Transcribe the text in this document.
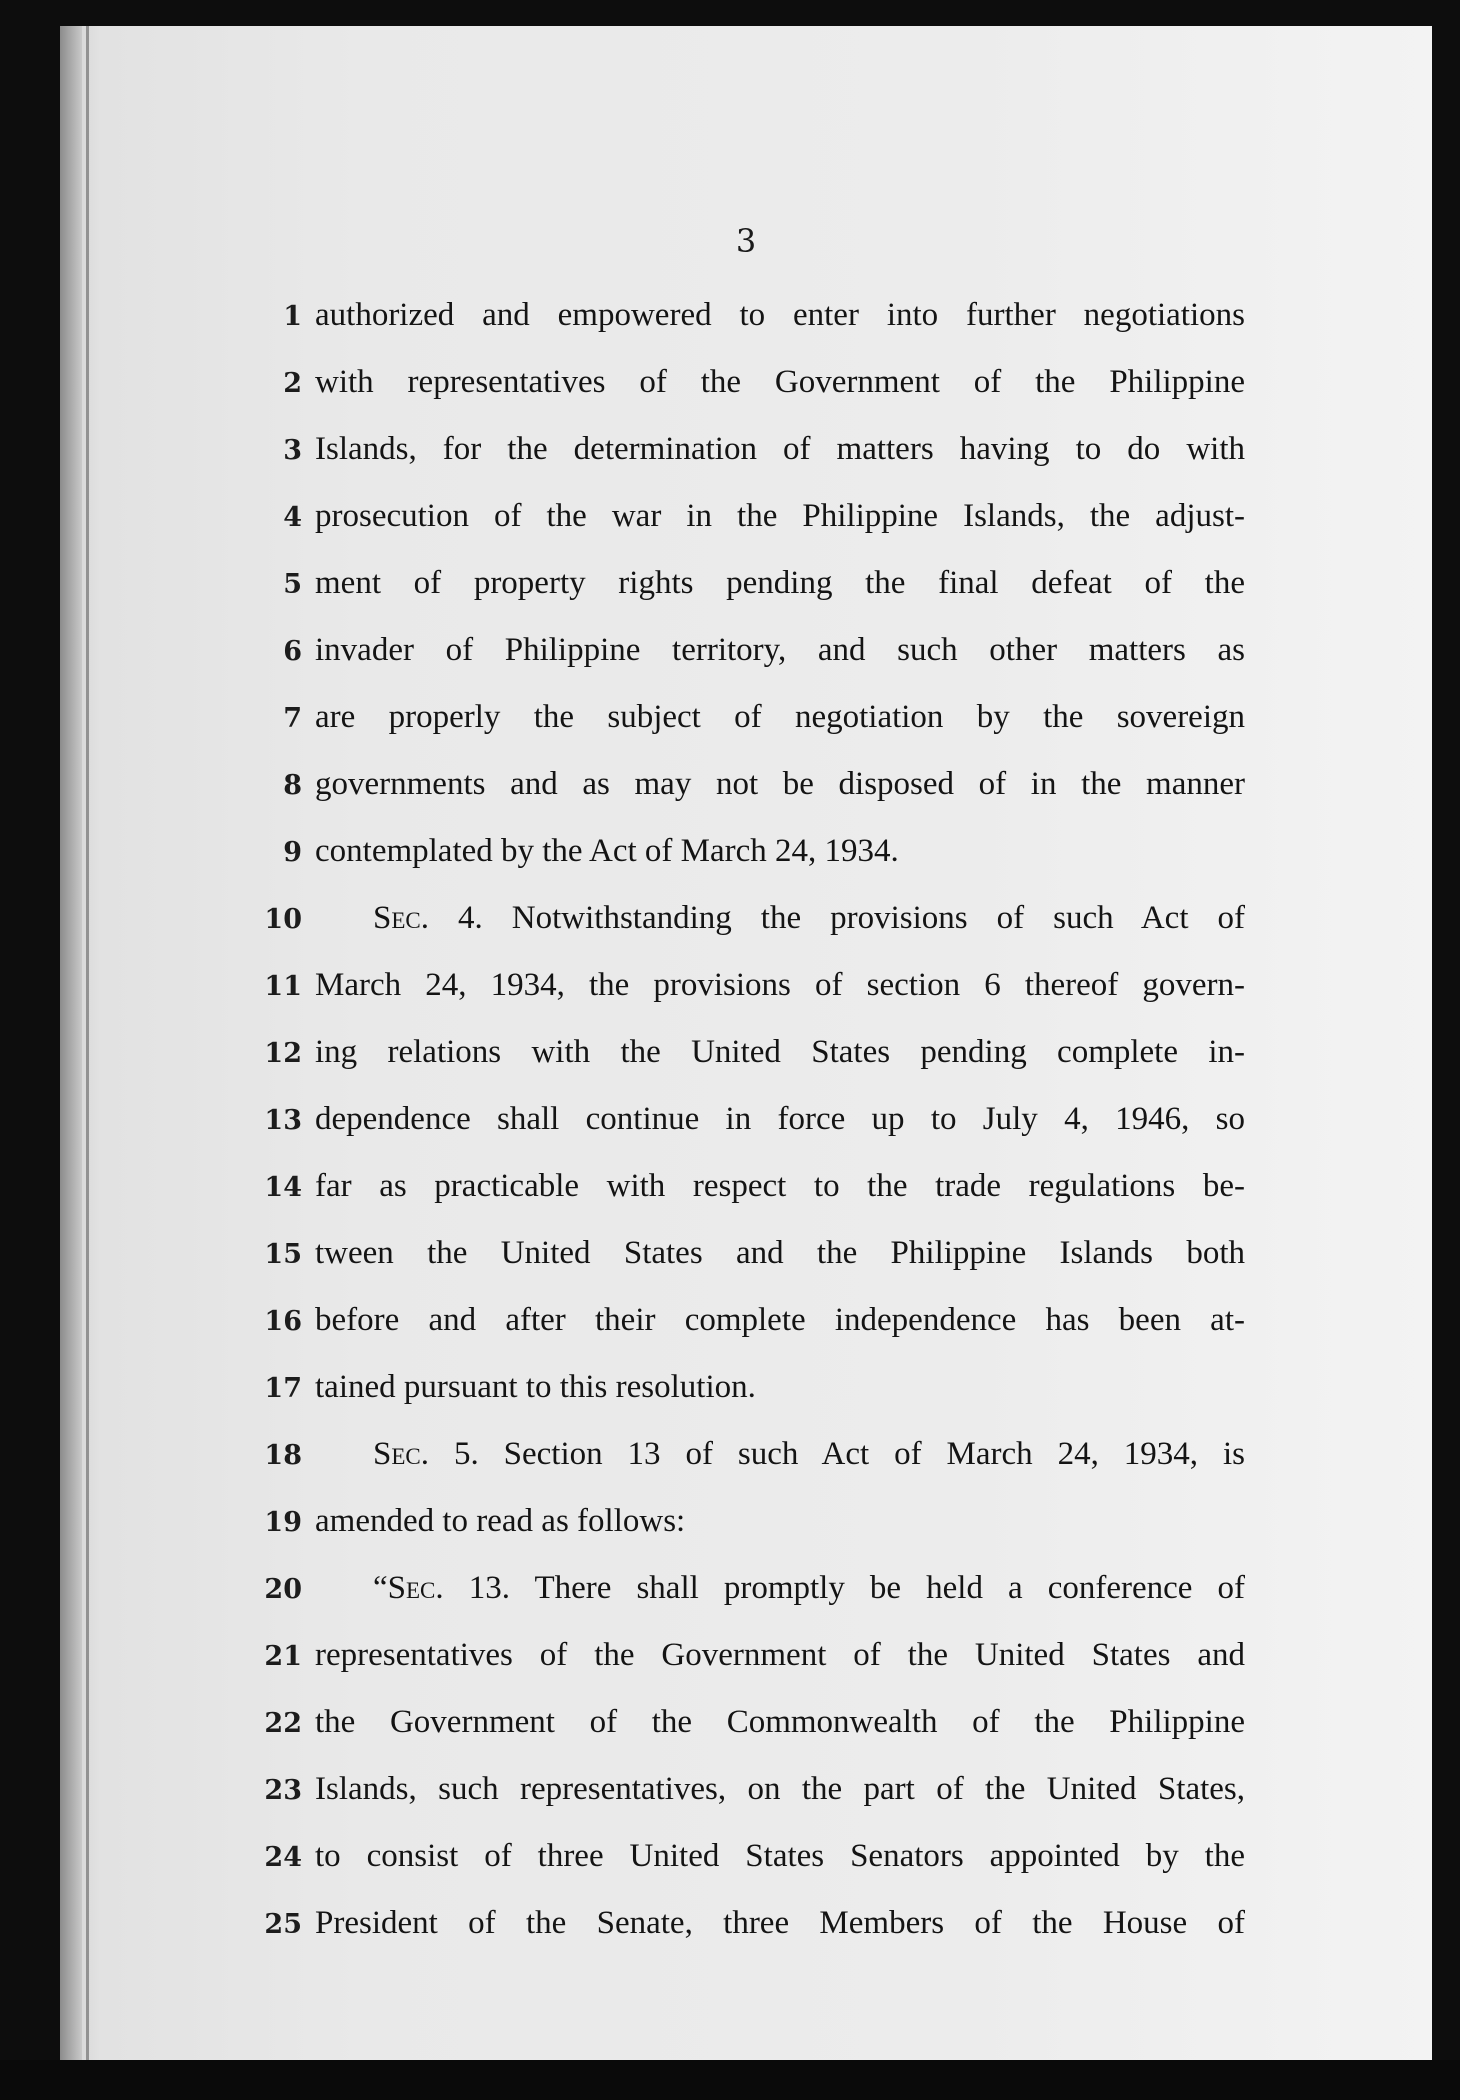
3
1 authorized and empowered to enter into further negotiations
2 with representatives of the Government of the Philippine
3 Islands, for the determination of matters having to do with
4 prosecution of the war in the Philippine Islands, the adjust-
5 ment of property rights pending the final defeat of the
6 invader of Philippine territory, and such other matters as
7 are properly the subject of negotiation by the sovereign
8 governments and as may not be disposed of in the manner
9 contemplated by the Act of March 24, 1934.
10	Sec. 4. Notwithstanding the provisions of such Act of
11 March 24, 1934, the provisions of section 6 thereof govern-
12 ing relations with the United States pending complete in-
13 dependence shall continue in force up to July 4, 1946, so
14 far as practicable with respect to the trade regulations be-
15 tween the United States and the Philippine Islands both
16 before and after their complete independence has been at-
17 tained pursuant to this resolution.
18	Sec. 5. Section 13 of such Act of March 24, 1934, is
19 amended to read as follows:
20	“Sec. 13. There shall promptly be held a conference of
21 representatives of the Government of the United States and
22 the Government of the Commonwealth of the Philippine
23 Islands, such representatives, on the part of the United States,
24 to consist of three United States Senators appointed by the
25 President of the Senate, three Members of the House of
